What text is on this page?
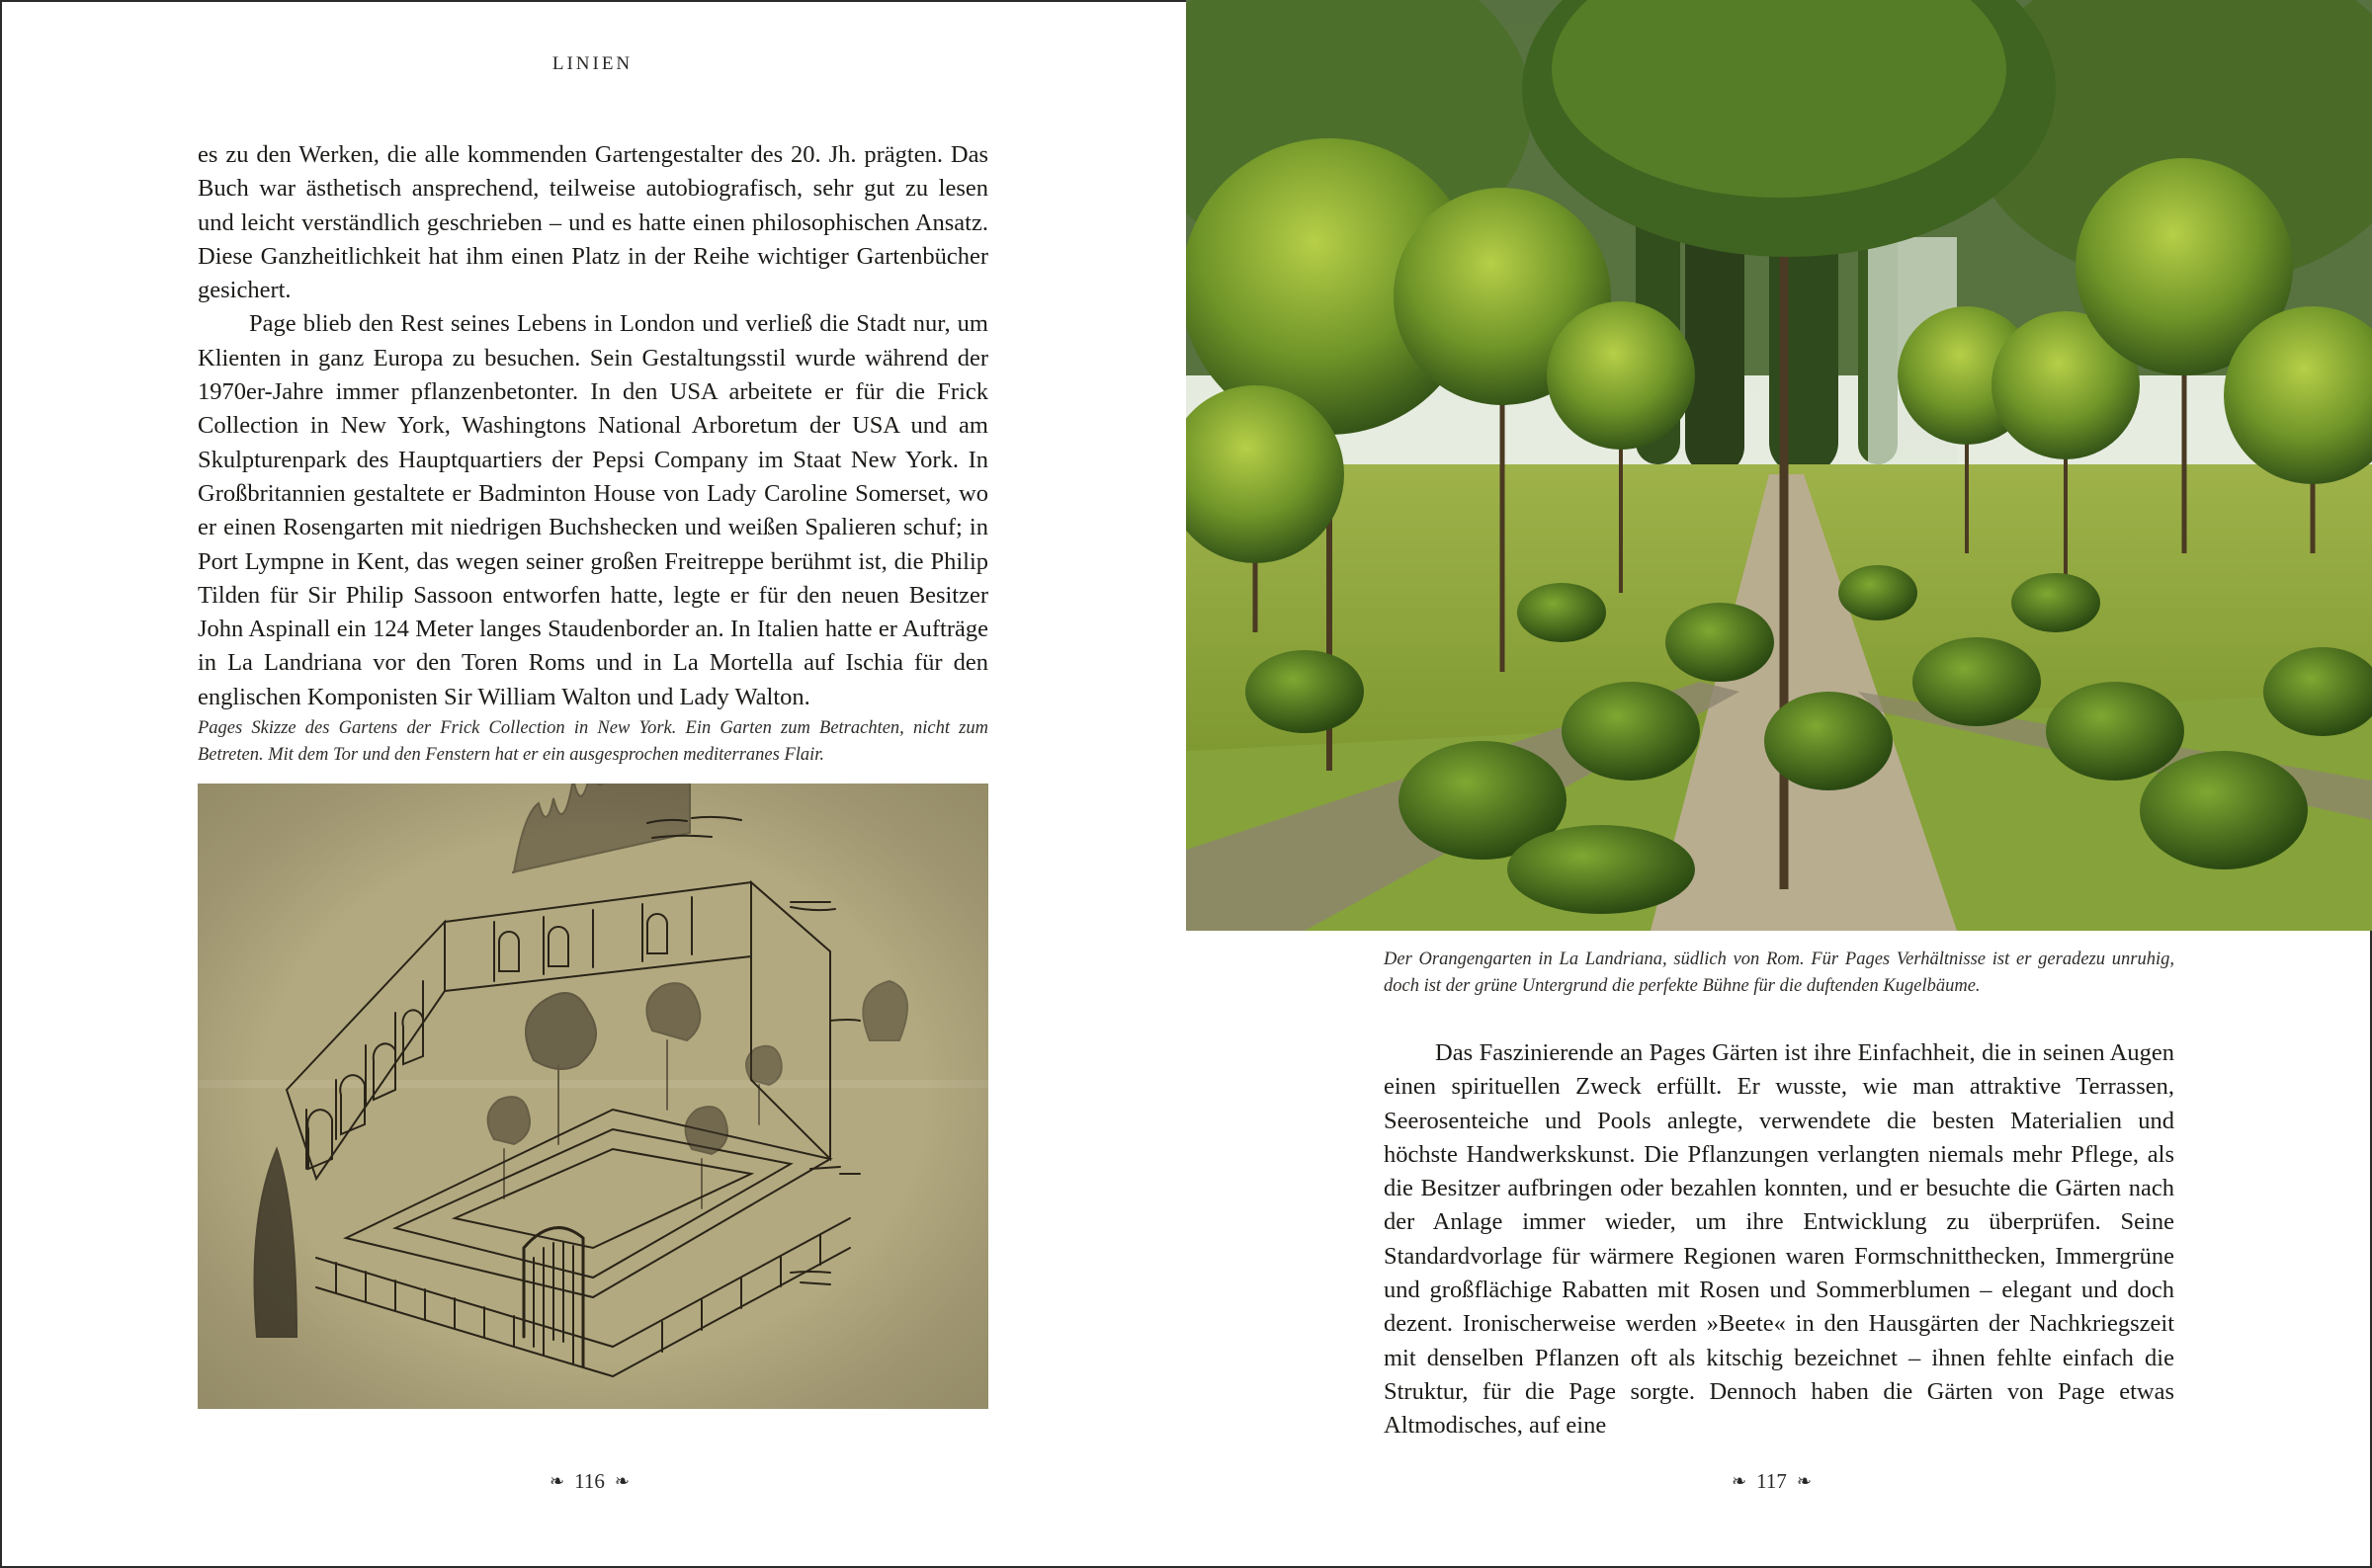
LINIEN

es zu den Werken, die alle kommenden Gartengestalter des 20. Jh. prägten. Das Buch war ästhetisch ansprechend, teilweise autobiografisch, sehr gut zu lesen und leicht verständlich geschrieben – und es hatte einen philosophischen Ansatz. Diese Ganzheitlichkeit hat ihm einen Platz in der Reihe wichtiger Gartenbücher gesichert.

Page blieb den Rest seines Lebens in London und verließ die Stadt nur, um Klienten in ganz Europa zu besuchen. Sein Gestaltungsstil wurde während der 1970er-Jahre immer pflanzenbetonter. In den USA arbeitete er für die Frick Collection in New York, Washingtons National Arboretum der USA und am Skulpturenpark des Hauptquartiers der Pepsi Company im Staat New York. In Großbritannien gestaltete er Badminton House von Lady Caroline Somerset, wo er einen Rosengarten mit niedrigen Buchshecken und weißen Spalieren schuf; in Port Lympne in Kent, das wegen seiner großen Freitreppe berühmt ist, die Philip Tilden für Sir Philip Sassoon entworfen hatte, legte er für den neuen Besitzer John Aspinall ein 124 Meter langes Staudenborder an. In Italien hatte er Aufträge in La Landriana vor den Toren Roms und in La Mortella auf Ischia für den englischen Komponisten Sir William Walton und Lady Walton.

Pages Skizze des Gartens der Frick Collection in New York. Ein Garten zum Betrachten, nicht zum Betreten. Mit dem Tor und den Fenstern hat er ein ausgesprochen mediterranes Flair.
❧ 116 ❧
Der Orangengarten in La Landriana, südlich von Rom. Für Pages Verhältnisse ist er geradezu unruhig, doch ist der grüne Untergrund die perfekte Bühne für die duftenden Kugelbäume.

Das Faszinierende an Pages Gärten ist ihre Einfachheit, die in seinen Augen einen spirituellen Zweck erfüllt. Er wusste, wie man attraktive Terrassen, Seerosenteiche und Pools anlegte, verwendete die besten Materialien und höchste Handwerkskunst. Die Pflanzungen verlangten niemals mehr Pflege, als die Besitzer aufbringen oder bezahlen konnten, und er besuchte die Gärten nach der Anlage immer wieder, um ihre Entwicklung zu überprüfen. Seine Standardvorlage für wärmere Regionen waren Formschnitthecken, Immergrüne und großflächige Rabatten mit Rosen und Sommerblumen – elegant und doch dezent. Ironischerweise werden »Beete« in den Hausgärten der Nachkriegszeit mit denselben Pflanzen oft als kitschig bezeichnet – ihnen fehlte einfach die Struktur, für die Page sorgte. Dennoch haben die Gärten von Page etwas Altmodisches, auf eine

❧ 117 ❧
